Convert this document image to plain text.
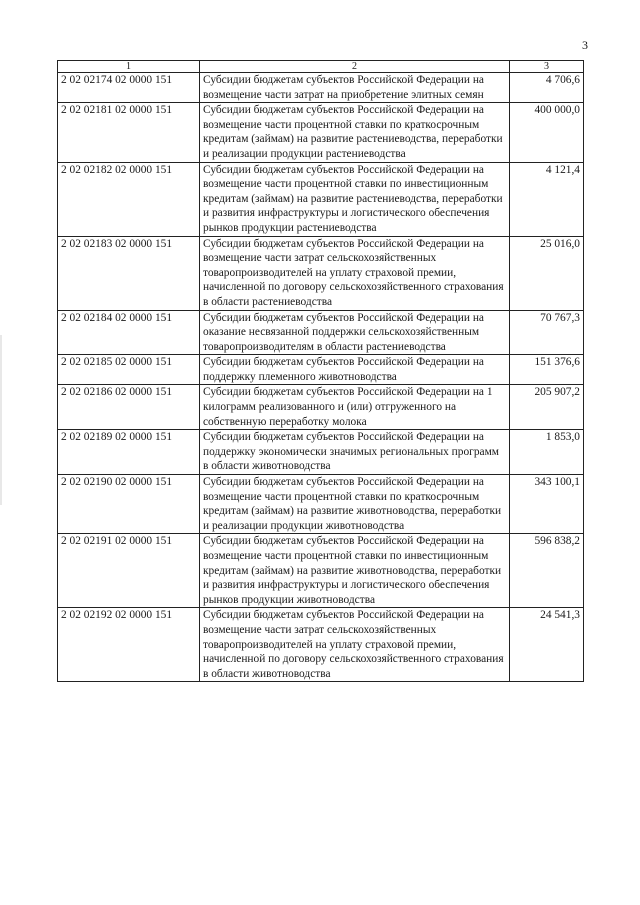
3
1	2	3
2 02 02174 02 0000 151	Субсидии бюджетам субъектов Российской Федерации на возмещение части затрат на приобретение элитных семян	4 706,6
2 02 02181 02 0000 151	Субсидии бюджетам субъектов Российской Федерации на возмещение части процентной ставки по краткосрочным кредитам (займам) на развитие растениеводства, переработки и реализации продукции растениеводства	400 000,0
2 02 02182 02 0000 151	Субсидии бюджетам субъектов Российской Федерации на возмещение части процентной ставки по инвестиционным кредитам (займам) на развитие растениеводства, переработки и развития инфраструктуры и логистического обеспечения рынков продукции растениеводства	4 121,4
2 02 02183 02 0000 151	Субсидии бюджетам субъектов Российской Федерации на возмещение части затрат сельскохозяйственных товаропроизводителей на уплату страховой премии, начисленной по договору сельскохозяйственного страхования в области растениеводства	25 016,0
2 02 02184 02 0000 151	Субсидии бюджетам субъектов Российской Федерации на оказание несвязанной поддержки сельскохозяйственным товаропроизводителям в области растениеводства	70 767,3
2 02 02185 02 0000 151	Субсидии бюджетам субъектов Российской Федерации на поддержку племенного животноводства	151 376,6
2 02 02186 02 0000 151	Субсидии бюджетам субъектов Российской Федерации на 1 килограмм реализованного и (или) отгруженного на собственную переработку молока	205 907,2
2 02 02189 02 0000 151	Субсидии бюджетам субъектов Российской Федерации на поддержку экономически значимых региональных программ в области животноводства	1 853,0
2 02 02190 02 0000 151	Субсидии бюджетам субъектов Российской Федерации на возмещение части процентной ставки по краткосрочным кредитам (займам) на развитие животноводства, переработки и реализации продукции животноводства	343 100,1
2 02 02191 02 0000 151	Субсидии бюджетам субъектов Российской Федерации на возмещение части процентной ставки по инвестиционным кредитам (займам) на развитие животноводства, переработки и развития инфраструктуры и логистического обеспечения рынков продукции животноводства	596 838,2
2 02 02192 02 0000 151	Субсидии бюджетам субъектов Российской Федерации на возмещение части затрат сельскохозяйственных товаропроизводителей на уплату страховой премии, начисленной по договору сельскохозяйственного страхования в области животноводства	24 541,3
